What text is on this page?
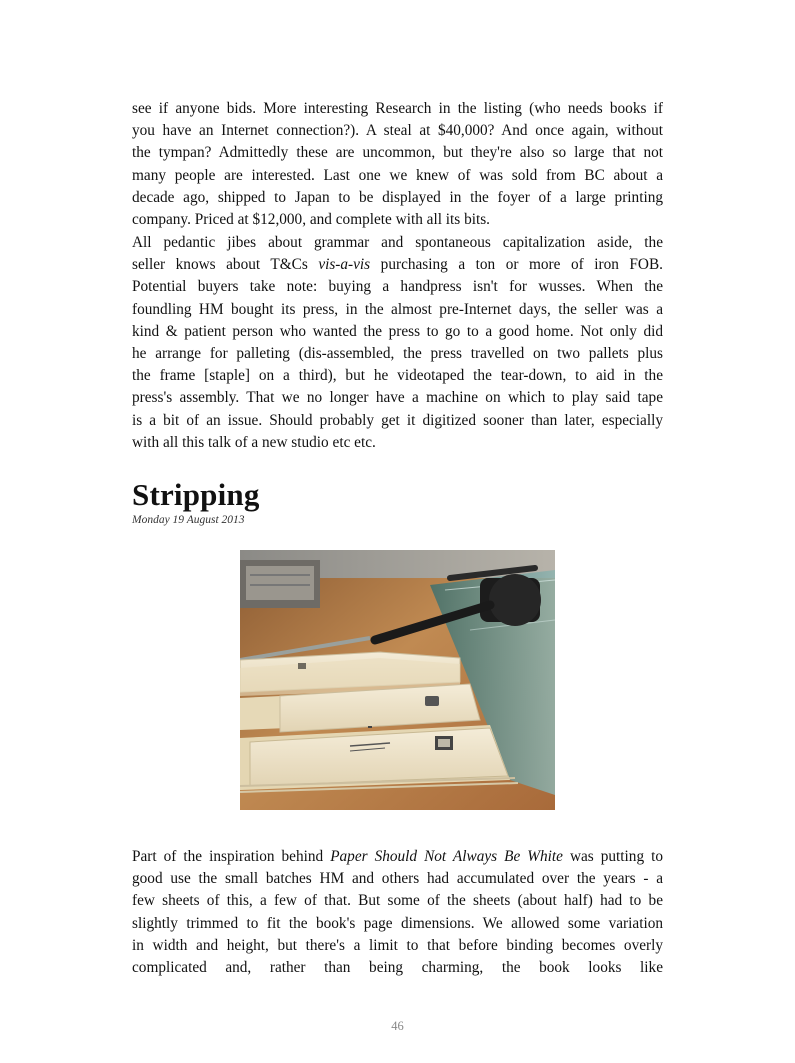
see if anyone bids. More interesting Research in the listing (who needs books if
you have an Internet connection?). A steal at $40,000? And once again, without
the tympan? Admittedly these are uncommon, but they're also so large that not
many people are interested. Last one we knew of was sold from BC about a
decade ago, shipped to Japan to be displayed in the foyer of a large printing
company. Priced at $12,000, and complete with all its bits.
All pedantic jibes about grammar and spontaneous capitalization aside, the
seller knows about T&Cs vis-a-vis purchasing a ton or more of iron FOB.
Potential buyers take note: buying a handpress isn't for wusses. When the
foundling HM bought its press, in the almost pre-Internet days, the seller was a
kind & patient person who wanted the press to go to a good home. Not only did
he arrange for palleting (dis-assembled, the press travelled on two pallets plus
the frame [staple] on a third), but he videotaped the tear-down, to aid in the
press's assembly. That we no longer have a machine on which to play said tape
is a bit of an issue. Should probably get it digitized sooner than later, especially
with all this talk of a new studio etc etc.
Stripping

Monday 19 August 2013

Part of the inspiration behind Paper Should Not Always Be White was putting to
good use the small batches HM and others had accumulated over the years - a
few sheets of this, a few of that. But some of the sheets (about half) had to be
slightly trimmed to fit the book's page dimensions. We allowed some variation
in width and height, but there's a limit to that before binding becomes overly
complicated and, rather than being charming, the book looks like
46
